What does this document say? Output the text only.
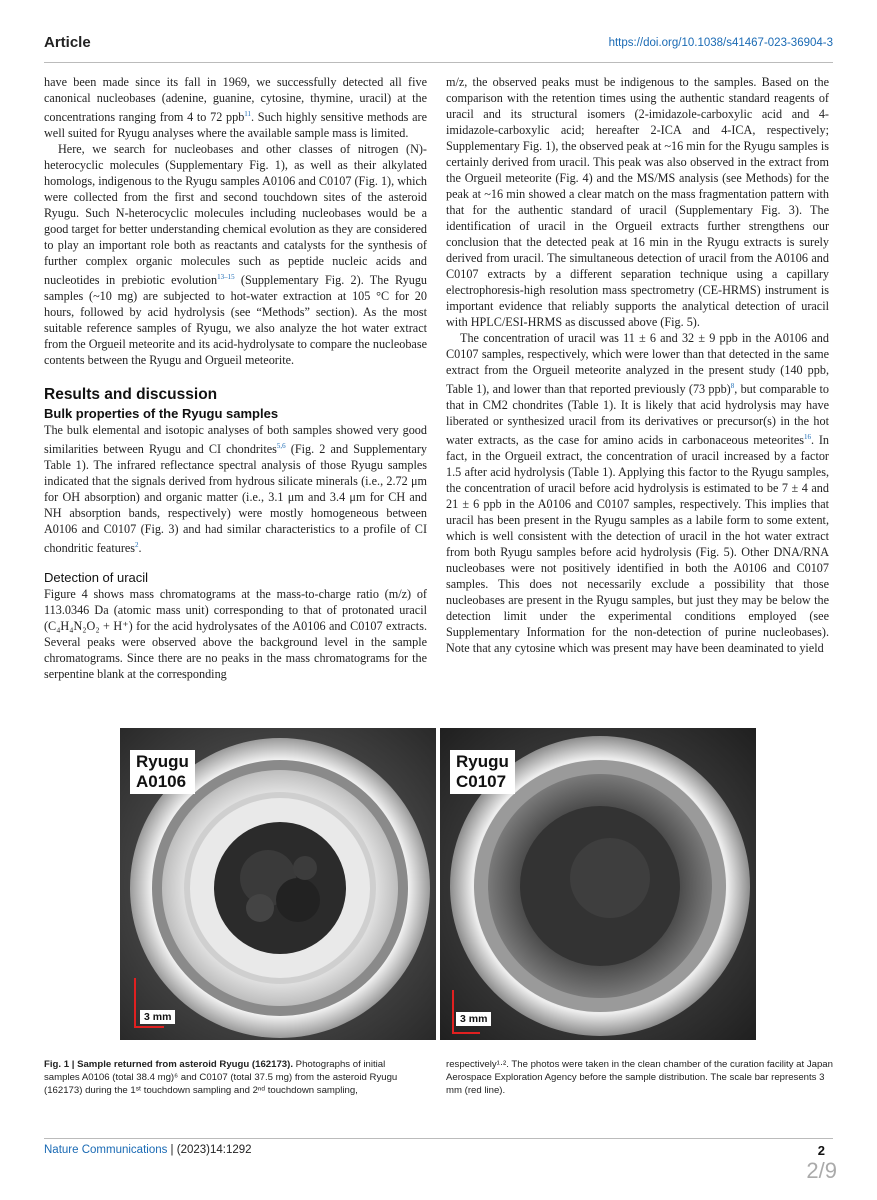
Article	https://doi.org/10.1038/s41467-023-36904-3

have been made since its fall in 1969, we successfully detected all five canonical nucleobases (adenine, guanine, cytosine, thymine, uracil) at the concentrations ranging from 4 to 72 ppb$^{11}$. Such highly sensitive methods are well suited for Ryugu analyses where the available sample mass is limited.

Here, we search for nucleobases and other classes of nitrogen (N)-heterocyclic molecules (Supplementary Fig. 1), as well as their alkylated homologs, indigenous to the Ryugu samples A0106 and C0107 (Fig. 1), which were collected from the first and second touchdown sites of the asteroid Ryugu. Such N-heterocyclic molecules including nucleobases would be a good target for better understanding chemical evolution as they are considered to play an important role both as reactants and catalysts for the synthesis of further complex organic molecules such as peptide nucleic acids and nucleotides in prebiotic evolution$^{13-15}$ (Supplementary Fig. 2). The Ryugu samples (~10 mg) are subjected to hot-water extraction at 105 °C for 20 hours, followed by acid hydrolysis (see “Methods” section). As the most suitable reference samples of Ryugu, we also analyze the hot water extract from the Orgueil meteorite and its acid-hydrolysate to compare the nucleobase contents between the Ryugu and Orgueil meteorite.

Results and discussion
Bulk properties of the Ryugu samples

The bulk elemental and isotopic analyses of both samples showed very good similarities between Ryugu and CI chondrites$^{5,6}$ (Fig. 2 and Supplementary Table 1). The infrared reflectance spectral analysis of those Ryugu samples indicated that the signals derived from hydrous silicate minerals (i.e., 2.72 μm for OH absorption) and organic matter (i.e., 3.1 μm and 3.4 μm for CH and NH absorption bands, respectively) were mostly homogeneous between A0106 and C0107 (Fig. 3) and had similar characteristics to a profile of CI chondritic features$^2$.

Detection of uracil

Figure 4 shows mass chromatograms at the mass-to-charge ratio (m/z) of 113.0346 Da (atomic mass unit) corresponding to that of protonated uracil (C₄H₄N₂O₂ + H⁺) for the acid hydrolysates of the A0106 and C0107 extracts. Several peaks were observed above the background level in the sample chromatograms. Since there are no peaks in the mass chromatograms for the serpentine blank at the corresponding

m/z, the observed peaks must be indigenous to the samples. Based on the comparison with the retention times using the authentic standard reagents of uracil and its structural isomers (2-imidazole-carboxylic acid and 4-imidazole-carboxylic acid; hereafter 2-ICA and 4-ICA, respectively; Supplementary Fig. 1), the observed peak at ~16 min for the Ryugu samples is certainly derived from uracil. This peak was also observed in the extract from the Orgueil meteorite (Fig. 4) and the MS/MS analysis (see Methods) for the peak at ~16 min showed a clear match on the mass fragmentation pattern with that for the authentic standard of uracil (Supplementary Fig. 3). The identification of uracil in the Orgueil extracts further strengthens our conclusion that the detected peak at 16 min in the Ryugu extracts is surely derived from uracil. The simultaneous detection of uracil from the A0106 and C0107 extracts by a different separation technique using a capillary electrophoresis-high resolution mass spectrometry (CE-HRMS) instrument is important evidence that reliably supports the analytical detection of uracil with HPLC/ESI-HRMS as discussed above (Fig. 5).

The concentration of uracil was 11 ± 6 and 32 ± 9 ppb in the A0106 and C0107 samples, respectively, which were lower than that detected in the same extract from the Orgueil meteorite analyzed in the present study (140 ppb, Table 1), and lower than that reported previously (73 ppb)$^8$, but comparable to that in CM2 chondrites (Table 1). It is likely that acid hydrolysis may have liberated or synthesized uracil from its derivatives or precursor(s) in the hot water extracts, as the case for amino acids in carbonaceous meteorites$^{16}$. In fact, in the Orgueil extract, the concentration of uracil increased by a factor 1.5 after acid hydrolysis (Table 1). Applying this factor to the Ryugu samples, the concentration of uracil before acid hydrolysis is estimated to be 7 ± 4 and 21 ± 6 ppb in the A0106 and C0107 samples, respectively. This implies that uracil has been present in the Ryugu samples as a labile form to some extent, which is well consistent with the detection of uracil in the hot water extract from both Ryugu samples before acid hydrolysis (Fig. 5). Other DNA/RNA nucleobases were not positively identified in both the A0106 and C0107 samples. This does not necessarily exclude a possibility that those nucleobases are present in the Ryugu samples, but just they may be below the detection limit under the experimental conditions employed (see Supplementary Information for the non-detection of purine nucleobases). Note that any cytosine which was present may have been deaminated to yield

Ryugu
A0106
3 mm
Ryugu
C0107
3 mm
Fig. 1 | Sample returned from asteroid Ryugu (162173). Photographs of initial samples A0106 (total 38.4 mg)⁶ and C0107 (total 37.5 mg) from the asteroid Ryugu (162173) during the 1ˢᵗ touchdown sampling and 2ⁿᵈ touchdown sampling,
respectively¹·². The photos were taken in the clean chamber of the curation facility at Japan Aerospace Exploration Agency before the sample distribution. The scale bar represents 3 mm (red line).
Nature Communications | (2023)14:1292	2
2/9
